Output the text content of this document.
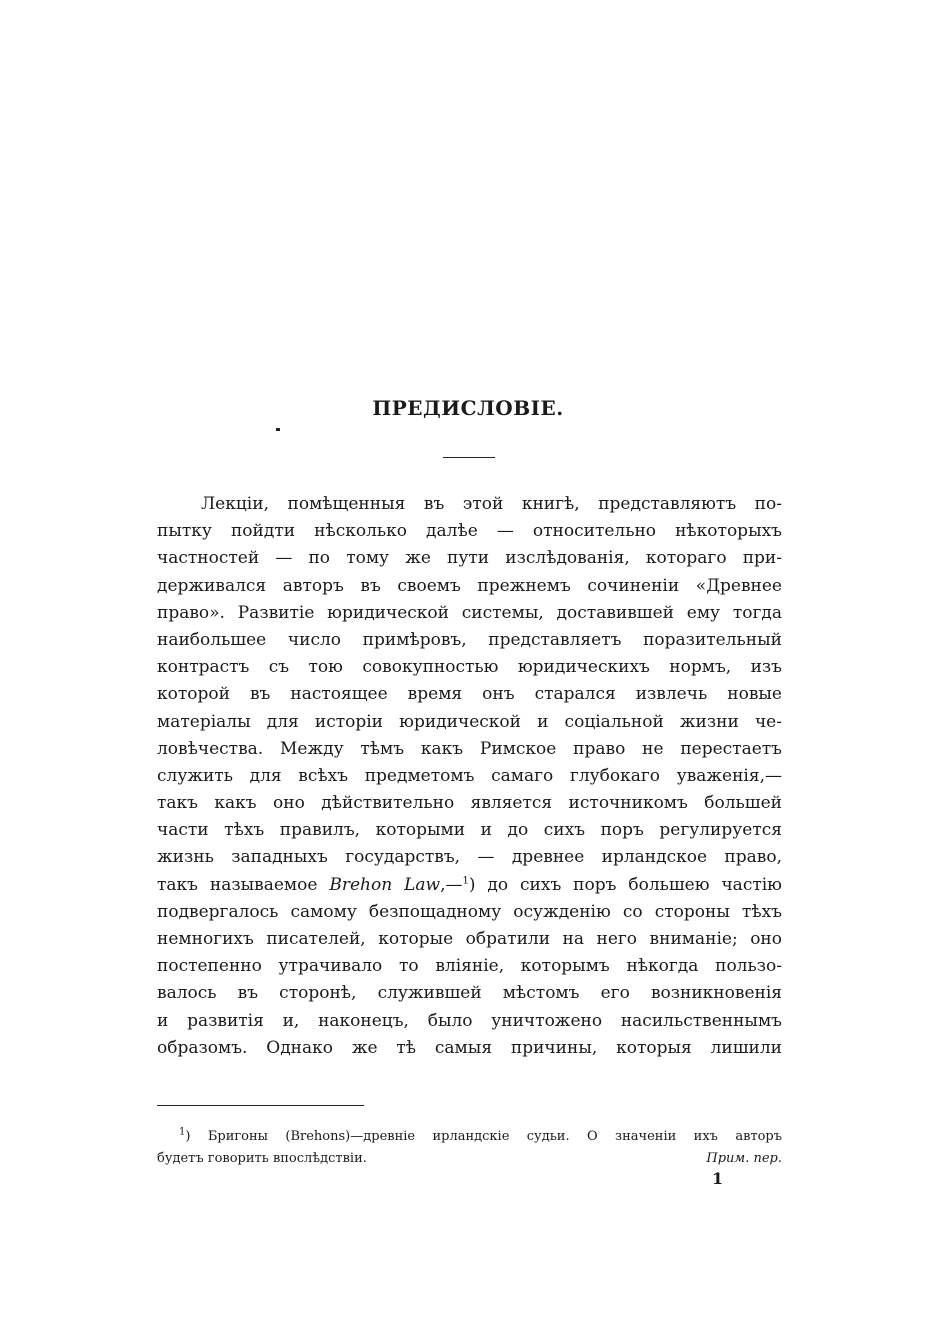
ПРЕДИСЛОВІЕ.
Лекціи, помѣщенныя въ этой книгѣ, представляютъ по-
пытку пойдти нѣсколько далѣе — относительно нѣкоторыхъ
частностей — по тому же пути изслѣдованія, котораго при-
держивался авторъ въ своемъ прежнемъ сочиненіи «Древнее
право». Развитіе юридической системы, доставившей ему тогда
наибольшее число примѣровъ, представляетъ поразительный
контрастъ съ тою совокупностью юридическихъ нормъ, изъ
которой въ настоящее время онъ старался извлечь новые
матеріалы для исторіи юридической и соціальной жизни че-
ловѣчества. Между тѣмъ какъ Римское право не перестаетъ
служить для всѣхъ предметомъ самаго глубокаго уваженія,—
такъ какъ оно дѣйствительно является источникомъ большей
части тѣхъ правилъ, которыми и до сихъ поръ регулируется
жизнь западныхъ государствъ, — древнее ирландское право,
такъ называемое Brehon Law,—$^1$) до сихъ поръ большею частію
подвергалось самому безпощадному осужденію со стороны тѣхъ
немногихъ писателей, которые обратили на него вниманіе; оно
постепенно утрачивало то вліяніе, которымъ нѣкогда пользо-
валось въ сторонѣ, служившей мѣстомъ его возникновенія
и развитія и, наконецъ, было уничтожено насильственнымъ
образомъ. Однако же тѣ самыя причины, которыя лишили
$^1$) Бригоны (Brehons)—древніе ирландскіе судьи. О значеніи ихъ авторъ
будетъ говорить впослѣдствіи.	Прим. пер.
1
